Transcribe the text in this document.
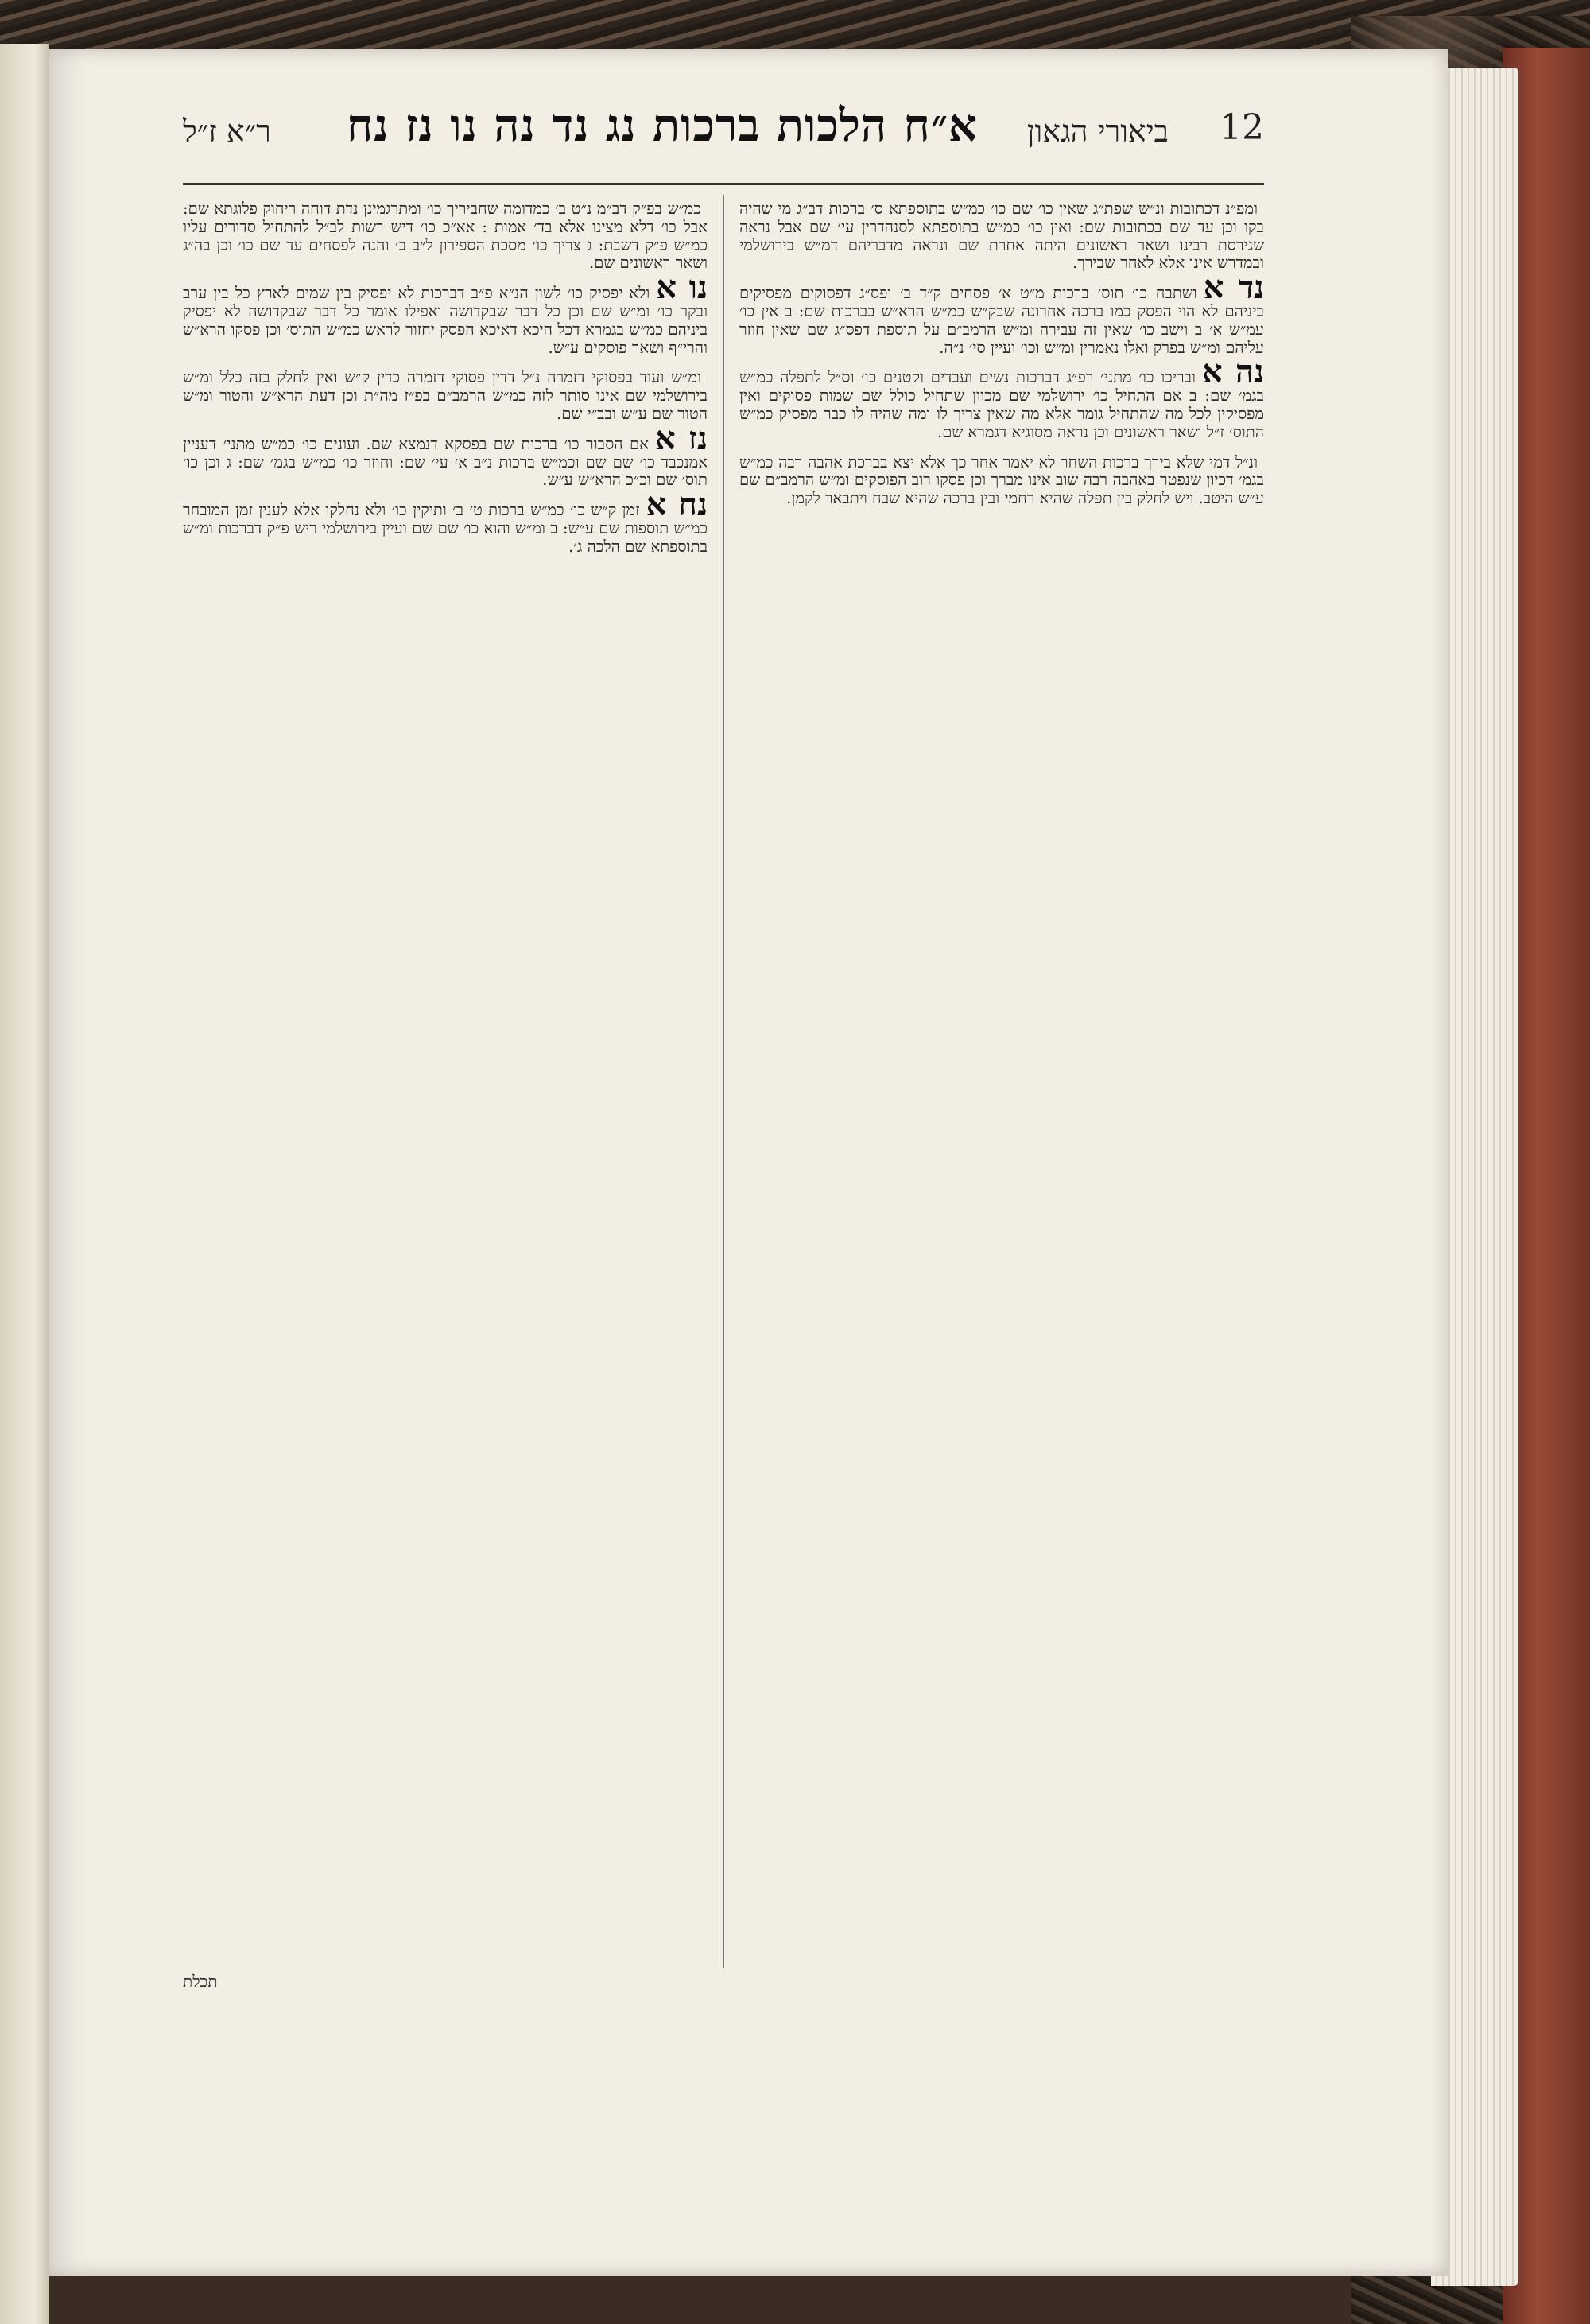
12
ביאורי הגאון
א״ח הלכות ברכות נג נד נה נו נז נח
ר״א ז״ל

ומפ״נ דכתובות ונ״ש שפת״ג שאין כו׳ שם כו׳ כמ״ש בתוספתא ס׳ ברכות דב״ג מי שהיה בקו וכן עד שם בכתובות שם: ואין כו׳ כמ״ש בתוספתא לסנהדרין עי׳ שם אבל נראה שגירסת רבינו ושאר ראשונים היתה אחרת שם ונראה מדבריהם דמ״ש בירושלמי ובמדרש אינו אלא לאחר שבירך.

נד אושתבח כו׳ תוס׳ ברכות מ״ט א׳ פסחים ק״ד ב׳ ופס״ג דפסוקים מפסיקים ביניהם לא הוי הפסק כמו ברכה אחרונה שבק״ש כמ״ש הרא״ש בברכות שם: ב אין כו׳ עמ״ש א׳ ב וישב כו׳ שאין זה עבירה ומ״ש הרמב״ם על תוספת דפס״ג שם שאין חוזר עליהם ומ״ש בפרק ואלו נאמרין ומ״ש וכו׳ ועיין סי׳ נ״ה.

נה אובריכו כו׳ מתני׳ רפ״ג דברכות נשים ועבדים וקטנים כו׳ וס״ל לתפלה כמ״ש בגמ׳ שם: ב אם התחיל כו׳ ירושלמי שם מכוון שתחיל כולל שם שמות פסוקים ואין מפסיקין לכל מה שהתחיל גומר אלא מה שאין צריך לו ומה שהיה לו כבר מפסיק כמ״ש התוס׳ ז״ל ושאר ראשונים וכן נראה מסוגיא דגמרא שם.

ונ״ל דמי שלא בירך ברכות השחר לא יאמר אחר כך אלא יצא בברכת אהבה רבה כמ״ש בגמ׳ דכיון שנפטר באהבה רבה שוב אינו מברך וכן פסקו רוב הפוסקים ומ״ש הרמב״ם שם ע״ש היטב. ויש לחלק בין תפלה שהיא רחמי ובין ברכה שהיא שבח ויתבאר לקמן.

כמ״ש בפ״ק דב״מ נ״ט ב׳ כמדומה שחביריך כו׳ ומתרגמינן נדת דוחה ריחוק פלוגתא שם: אבל כו׳ דלא מצינו אלא בד׳ אמות : אא״כ כו׳ דיש רשות לב״ל להתחיל סדורים עליו כמ״ש פ״ק דשבת: ג צריך כו׳ מסכת הספירון ל״ב ב׳ והנה לפסחים עד שם כו׳ וכן בה״ג ושאר ראשונים שם.

נו אולא יפסיק כו׳ לשון הנ״א פ״ב דברכות לא יפסיק בין שמים לארץ כל בין ערב ובקר כו׳ ומ״ש שם וכן כל דבר שבקדושה ואפילו אומר כל דבר שבקדושה לא יפסיק ביניהם כמ״ש בגמרא דכל היכא דאיכא הפסק יחזור לראש כמ״ש התוס׳ וכן פסקו הרא״ש והרי״ף ושאר פוסקים ע״ש.

ומ״ש ועוד בפסוקי דזמרה נ״ל דדין פסוקי דזמרה כדין ק״ש ואין לחלק בזה כלל ומ״ש בירושלמי שם אינו סותר לזה כמ״ש הרמב״ם בפ״ז מה״ת וכן דעת הרא״ש והטור ומ״ש הטור שם ע״ש ובב״י שם.

נז אאם הסבור כו׳ ברכות שם בפסקא דנמצא שם. ועונים כו׳ כמ״ש מתני׳ דעניין אמנכבד כו׳ שם שם וכמ״ש ברכות נ״ב א׳ עי׳ שם: וחוזר כו׳ כמ״ש בגמ׳ שם: ג וכן כו׳ תוס׳ שם וכ״כ הרא״ש ע״ש.

נח אזמן ק״ש כו׳ כמ״ש ברכות ט׳ ב׳ ותיקין כו׳ ולא נחלקו אלא לענין זמן המובחר כמ״ש תוספות שם ע״ש: ב ומ״ש והוא כו׳ שם שם ועיין בירושלמי ריש פ״ק דברכות ומ״ש בתוספתא שם הלכה ג׳.

תכלת
